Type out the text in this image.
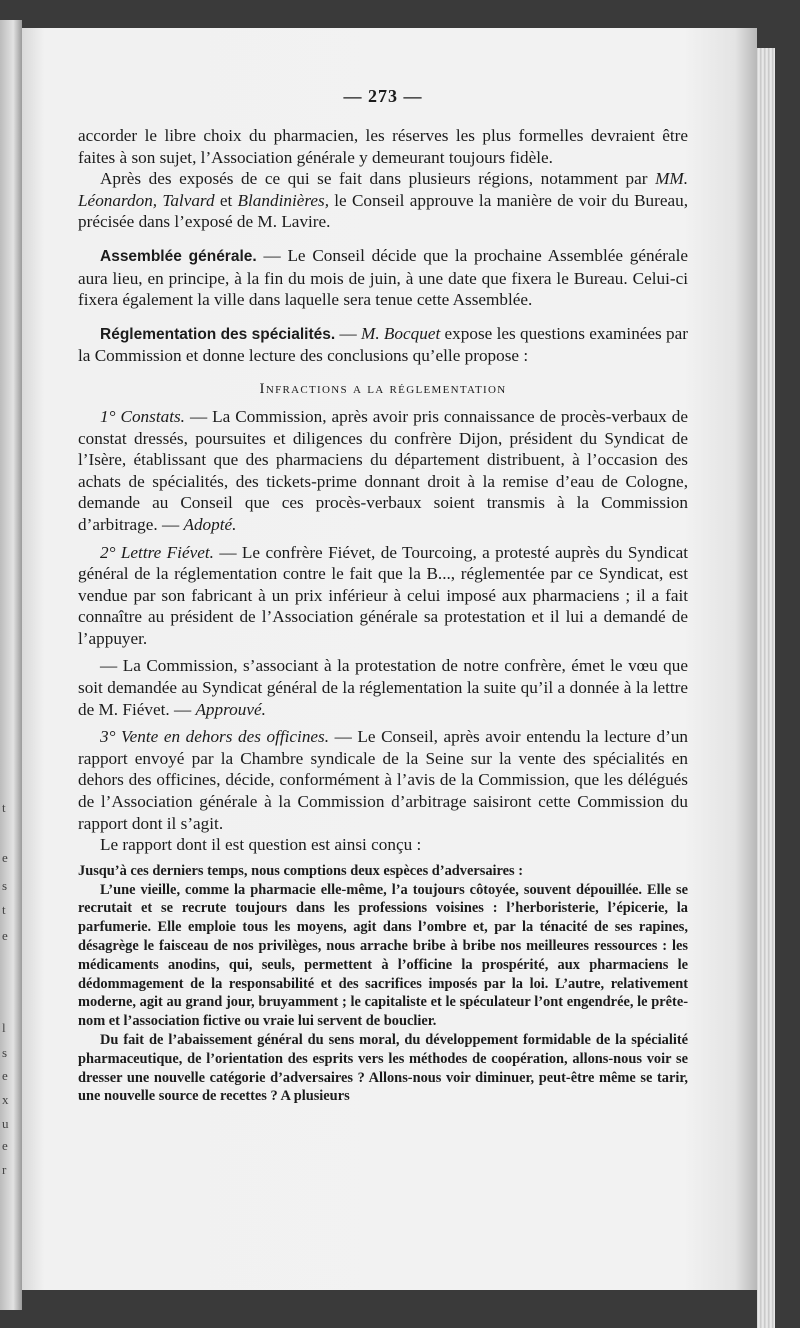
t
e
s
t
e
l
s
e
x
u
e
r
— 273 —

accorder le libre choix du pharmacien, les réserves les plus formelles devraient être faites à son sujet, l’Association générale y demeurant toujours fidèle.

Après des exposés de ce qui se fait dans plusieurs régions, notamment par MM. Léonardon, Talvard et Blandinières, le Conseil approuve la manière de voir du Bureau, précisée dans l’exposé de M. Lavire.

Assemblée générale. — Le Conseil décide que la prochaine Assemblée générale aura lieu, en principe, à la fin du mois de juin, à une date que fixera le Bureau. Celui-ci fixera également la ville dans laquelle sera tenue cette Assemblée.

Réglementation des spécialités. — M. Bocquet expose les questions examinées par la Commission et donne lecture des conclusions qu’elle propose :

Infractions a la réglementation

1° Constats. — La Commission, après avoir pris connaissance de procès-verbaux de constat dressés, poursuites et diligences du confrère Dijon, président du Syndicat de l’Isère, établissant que des pharmaciens du département distribuent, à l’occasion des achats de spécialités, des tickets-prime donnant droit à la remise d’eau de Cologne, demande au Conseil que ces procès-verbaux soient transmis à la Commission d’arbitrage. — Adopté.

2° Lettre Fiévet. — Le confrère Fiévet, de Tourcoing, a protesté auprès du Syndicat général de la réglementation contre le fait que la B..., réglementée par ce Syndicat, est vendue par son fabricant à un prix inférieur à celui imposé aux pharmaciens ; il a fait connaître au président de l’Association générale sa protestation et il lui a demandé de l’appuyer.

— La Commission, s’associant à la protestation de notre confrère, émet le vœu que soit demandée au Syndicat général de la réglementation la suite qu’il a donnée à la lettre de M. Fiévet. — Approuvé.

3° Vente en dehors des officines. — Le Conseil, après avoir entendu la lecture d’un rapport envoyé par la Chambre syndicale de la Seine sur la vente des spécialités en dehors des officines, décide, conformément à l’avis de la Commission, que les délégués de l’Association générale à la Commission d’arbitrage saisiront cette Commission du rapport dont il s’agit.

Le rapport dont il est question est ainsi conçu :

Jusqu’à ces derniers temps, nous comptions deux espèces d’adversaires :

L’une vieille, comme la pharmacie elle-même, l’a toujours côtoyée, souvent dépouillée. Elle se recrutait et se recrute toujours dans les professions voisines : l’herboristerie, l’épicerie, la parfumerie. Elle emploie tous les moyens, agit dans l’ombre et, par la ténacité de ses rapines, désagrège le faisceau de nos privilèges, nous arrache bribe à bribe nos meilleures ressources : les médicaments anodins, qui, seuls, permettent à l’officine la prospérité, aux pharmaciens le dédommagement de la responsabilité et des sacrifices imposés par la loi. L’autre, relativement moderne, agit au grand jour, bruyamment ; le capitaliste et le spéculateur l’ont engendrée, le prête-nom et l’association fictive ou vraie lui servent de bouclier.

Du fait de l’abaissement général du sens moral, du développement formidable de la spécialité pharmaceutique, de l’orientation des esprits vers les méthodes de coopération, allons-nous voir se dresser une nouvelle catégorie d’adversaires ? Allons-nous voir diminuer, peut-être même se tarir, une nouvelle source de recettes ? A plusieurs
